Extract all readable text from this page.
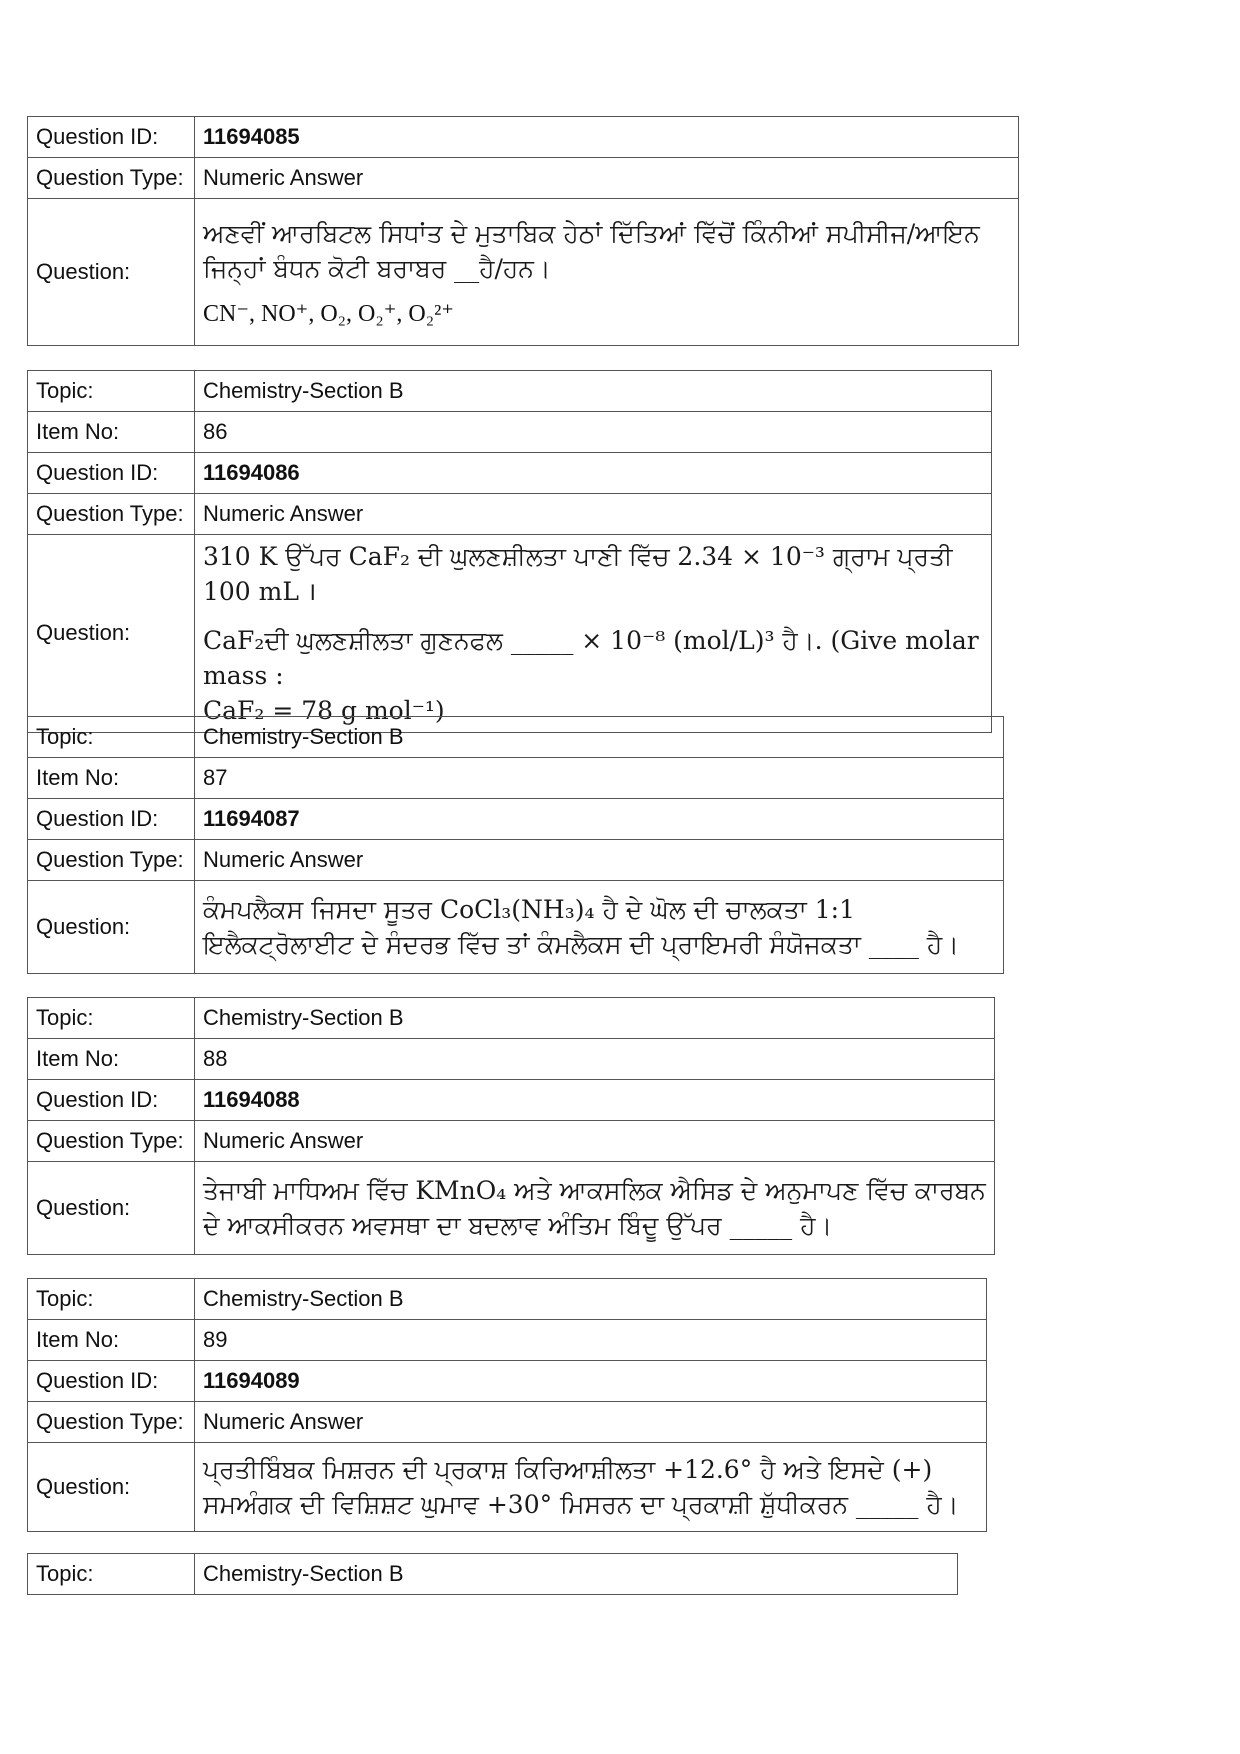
Question ID:	11694085
Question Type:	Numeric Answer
Question:	ਅਣਵੀਂ ਆਰਬਿਟਲ ਸਿਧਾਂਤ ਦੇ ਮੁਤਾਬਿਕ ਹੇਠਾਂ ਦਿੱਤਿਆਂ ਵਿੱਚੋਂ ਕਿੰਨੀਆਂ ਸਪੀਸੀਜ/ਆਇਨ ਜਿਨ੍ਹਾਂ ਬੰਧਨ ਕੋਟੀ ਬਰਾਬਰ __ਹੈ/ਹਨ।
CN⁻, NO⁺, O₂, O₂⁺, O₂²⁺
Topic:	Chemistry-Section B
Item No:	86
Question ID:	11694086
Question Type:	Numeric Answer
Question:	310 K ਉੱਪਰ CaF₂ ਦੀ ਘੁਲਣਸ਼ੀਲਤਾ ਪਾਣੀ ਵਿੱਚ 2.34 × 10⁻³ ਗ੍ਰਾਮ ਪ੍ਰਤੀ 100 mL ।
CaF₂ਦੀ ਘੁਲਣਸ਼ੀਲਤਾ ਗੁਣਨਫਲ _____ × 10⁻⁸ (mol/L)³ ਹੈ।. (Give molar mass :
CaF₂ = 78 g mol⁻¹)
Topic:	Chemistry-Section B
Item No:	87
Question ID:	11694087
Question Type:	Numeric Answer
Question:	ਕੰਮਪਲੈਕਸ ਜਿਸਦਾ ਸੂਤਰ CoCl₃(NH₃)₄ ਹੈ ਦੇ ਘੋਲ ਦੀ ਚਾਲਕਤਾ 1:1 ਇਲੈਕਟ੍ਰੋਲਾਈਟ ਦੇ ਸੰਦਰਭ ਵਿੱਚ ਤਾਂ ਕੰਮਲੈਕਸ ਦੀ ਪ੍ਰਾਇਮਰੀ ਸੰਯੋਜਕਤਾ ____ ਹੈ।
Topic:	Chemistry-Section B
Item No:	88
Question ID:	11694088
Question Type:	Numeric Answer
Question:	ਤੇਜਾਬੀ ਮਾਧਿਅਮ ਵਿੱਚ KMnO₄ ਅਤੇ ਆਕਸਲਿਕ ਐਸਿਡ ਦੇ ਅਨੁਮਾਪਣ ਵਿੱਚ ਕਾਰਬਨ ਦੇ ਆਕਸੀਕਰਨ ਅਵਸਥਾ ਦਾ ਬਦਲਾਵ ਅੰਤਿਮ ਬਿੰਦੂ ਉੱਪਰ _____ ਹੈ।
Topic:	Chemistry-Section B
Item No:	89
Question ID:	11694089
Question Type:	Numeric Answer
Question:	ਪ੍ਰਤੀਬਿੰਬਕ ਮਿਸ਼ਰਨ ਦੀ ਪ੍ਰਕਾਸ਼ ਕਿਰਿਆਸ਼ੀਲਤਾ +12.6° ਹੈ ਅਤੇ ਇਸਦੇ (+) ਸਮਅੰਗਕ ਦੀ ਵਿਸ਼ਿਸ਼ਟ ਘੁਮਾਵ +30° ਮਿਸਰਨ ਦਾ ਪ੍ਰਕਾਸ਼ੀ ਸ਼ੁੱਧੀਕਰਨ _____ ਹੈ।
Topic:	Chemistry-Section B
